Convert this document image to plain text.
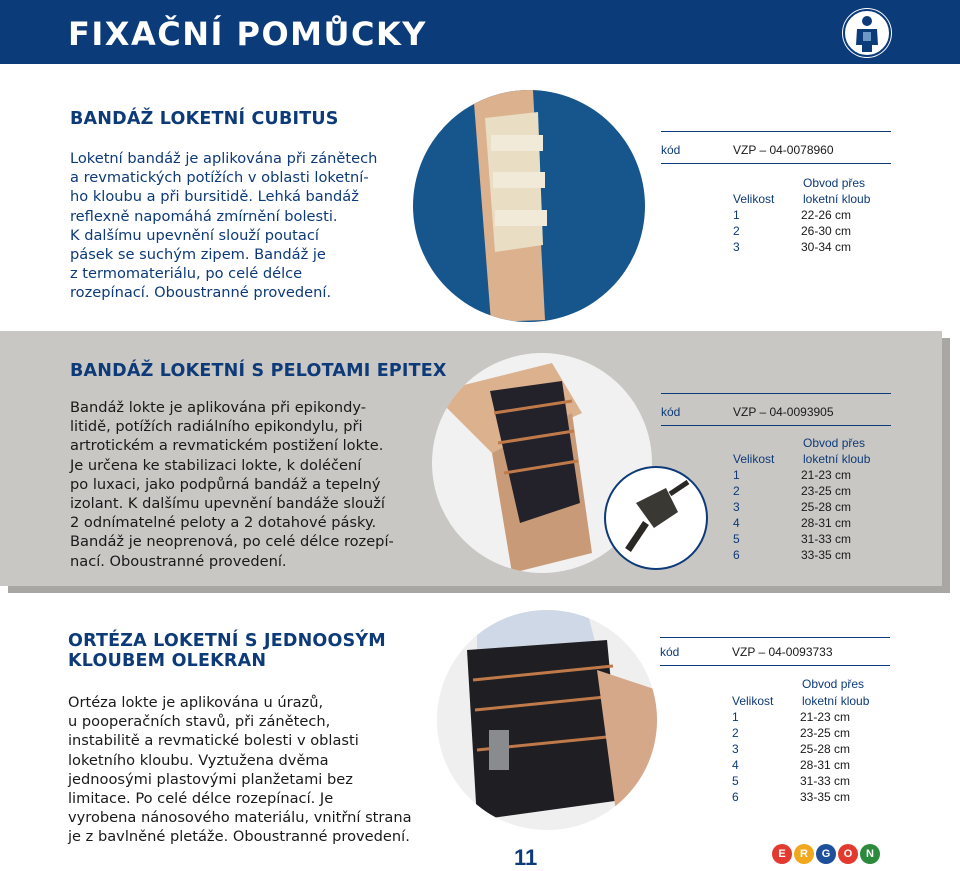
FIXAČNÍ POMŮCKY
BANDÁŽ LOKETNÍ CUBITUS
Loketní bandáž je aplikována při zánětech
a revmatických potížích v oblasti loketní-
ho kloubu a při bursitidě. Lehká bandáž
reflexně napomáhá zmírnění bolesti.
K dalšímu upevnění slouží poutací
pásek se suchým zipem. Bandáž je
z termomateriálu, po celé délce
rozepínací. Oboustranné provedení.
kód	VZP – 04-0078960
Obvod přes
Velikost loketní kloub
1	22-26 cm
2	26-30 cm
3	30-34 cm
BANDÁŽ LOKETNÍ S PELOTAMI EPITEX
Bandáž lokte je aplikována při epikondy-
litidě, potížích radiálního epikondylu, při
artrotickém a revmatickém postižení lokte.
Je určena ke stabilizaci lokte, k doléčení
po luxaci, jako podpůrná bandáž a tepelný
izolant. K dalšímu upevnění bandáže slouží
2 odnímatelné peloty a 2 dotahové pásky.
Bandáž je neoprenová, po celé délce rozepí-
nací. Oboustranné provedení.
kód	VZP – 04-0093905
Obvod přes
Velikost loketní kloub
1	21-23 cm
2	23-25 cm
3	25-28 cm
4	28-31 cm
5	31-33 cm
6	33-35 cm
ORTÉZA LOKETNÍ S JEDNOOSÝM
KLOUBEM OLEKRAN
Ortéza lokte je aplikována u úrazů,
u pooperačních stavů, při zánětech,
instabilitě a revmatické bolesti v oblasti
loketního kloubu. Vyztužena dvěma
jednoosými plastovými planžetami bez
limitace. Po celé délce rozepínací. Je
vyrobena nánosového materiálu, vnitřní strana
je z bavlněné pletáže. Oboustranné provedení.
kód	VZP – 04-0093733
Obvod přes
Velikost loketní kloub
1	21-23 cm
2	23-25 cm
3	25-28 cm
4	28-31 cm
5	31-33 cm
6	33-35 cm
11	E	R	G	O	N
